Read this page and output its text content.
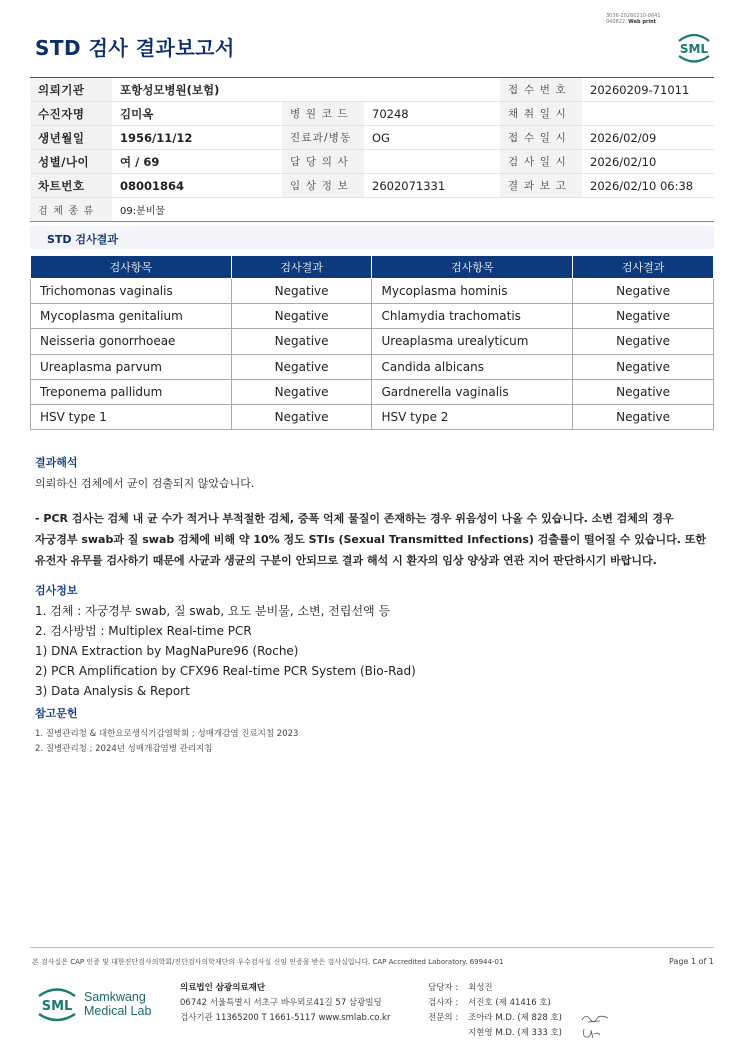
3036-20260210-0641
040822 Web print
STD 검사 결과보고서	SML
의뢰기관	포항성모병원(보험)			접 수 번 호	20260209-71011
수진자명	김미옥	병 원 코 드	70248	채 취 일 시	
생년월일	1956/11/12	진료과/병동	OG	접 수 일 시	2026/02/09
성별/나이	여 / 69	담 당 의 사		검 사 일 시	2026/02/10
차트번호	08001864	임 상 정 보	2602071331	결 과 보 고	2026/02/10 06:38
검 체 종 류	09:분비물				
STD 검사결과
검사항목	검사결과	검사항목	검사결과
Trichomonas vaginalis	Negative	Mycoplasma hominis	Negative
Mycoplasma genitalium	Negative	Chlamydia trachomatis	Negative
Neisseria gonorrhoeae	Negative	Ureaplasma urealyticum	Negative
Ureaplasma parvum	Negative	Candida albicans	Negative
Treponema pallidum	Negative	Gardnerella vaginalis	Negative
HSV type 1	Negative	HSV type 2	Negative
결과해석
의뢰하신 검체에서 균이 검출되지 않았습니다.
- PCR 검사는 검체 내 균 수가 적거나 부적절한 검체, 증폭 억제 물질이 존재하는 경우 위음성이 나올 수 있습니다. 소변 검체의 경우
자궁경부 swab과 질 swab 검체에 비해 약 10% 정도 STIs (Sexual Transmitted Infections) 검출률이 떨어질 수 있습니다. 또한
유전자 유무를 검사하기 때문에 사균과 생균의 구분이 안되므로 결과 해석 시 환자의 임상 양상과 연관 지어 판단하시기 바랍니다.
검사정보
1. 검체 : 자궁경부 swab, 질 swab, 요도 분비물, 소변, 전립선액 등
2. 검사방법 : Multiplex Real-time PCR
1) DNA Extraction by MagNaPure96 (Roche)
2) PCR Amplification by CFX96 Real-time PCR System (Bio-Rad)
3) Data Analysis & Report
참고문헌
1. 질병관리청 & 대한요로생식기감염학회 ; 성매개감염 진료지침 2023
2. 질병관리청 ; 2024년 성매개감염병 관리지침
본 검사실은 CAP 인증 및 대한진단검사의학회/진단검사의학재단의 우수검사실 신임 인증을 받은 검사실입니다. CAP Accredited Laboratory. 69944-01	Page 1 of 1
SML
Samkwang
Medical Lab
의료법인 삼광의료재단
06742 서울특별시 서초구 바우뫼로41길 57 삼광빌딩
검사기관 11365200 T 1661-5117 www.smlab.co.kr
담당자 :	최성진
검사자 :	서진호 (제 41416 호)
전문의 :	조아라 M.D. (제 828 호)
지현영 M.D. (제 333 호)
